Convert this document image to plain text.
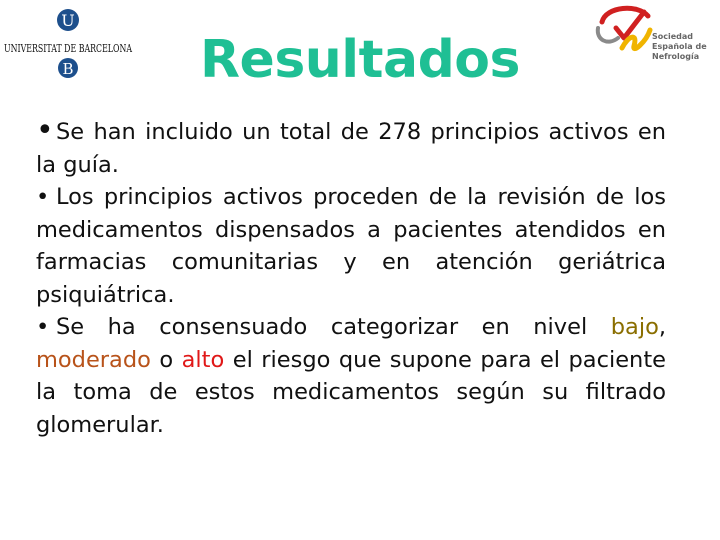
U
UNIVERSITAT DE BARCELONA
B
Sociedad
Española de
Nefrología
Resultados

• Se han incluido un total de 278 principios activos en la guía.

• Los principios activos proceden de la revisión de los medicamentos dispensados a pacientes atendidos en farmacias comunitarias y en atención geriátrica psiquiátrica.

• Se ha consensuado categorizar en nivel bajo, moderado o alto el riesgo que supone para el paciente la toma de estos medicamentos según su filtrado glomerular.
